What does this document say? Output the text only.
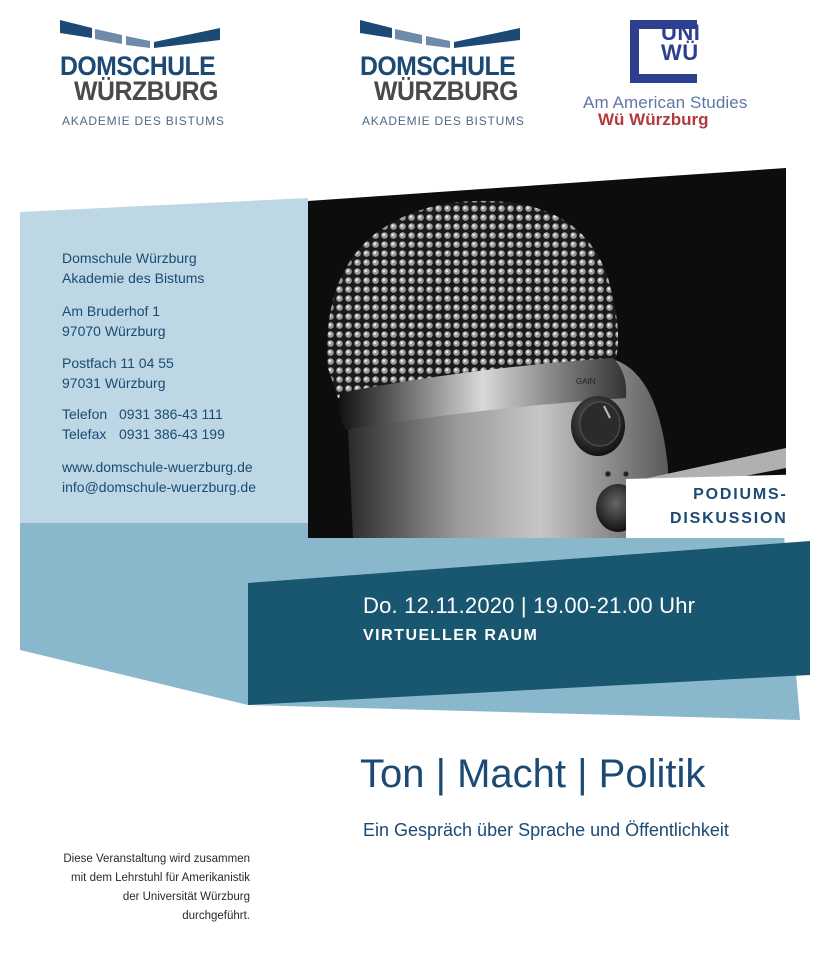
GAIN
PODIUMS-
DISKUSSION
DOMSCHULE
WÜRZBURG
AKADEMIE DES BISTUMS
DOMSCHULE
WÜRZBURG
AKADEMIE DES BISTUMS
UNI
WÜ
Am American Studies
Wü Würzburg
Domschule Würzburg
Akademie des Bistums
Am Bruderhof 1
97070 Würzburg
Postfach 11 04 55
97031 Würzburg
Telefon 0931 386-43 111
Telefax 0931 386-43 199
www.domschule-wuerzburg.de
info@domschule-wuerzburg.de
Do. 12.11.2020 | 19.00-21.00 Uhr
VIRTUELLER RAUM
Ton | Macht | Politik
Ein Gespräch über Sprache und Öffentlichkeit
Diese Veranstaltung wird zusammen mit dem Lehrstuhl für Amerikanistik der Universität Würzburg durchgeführt.
